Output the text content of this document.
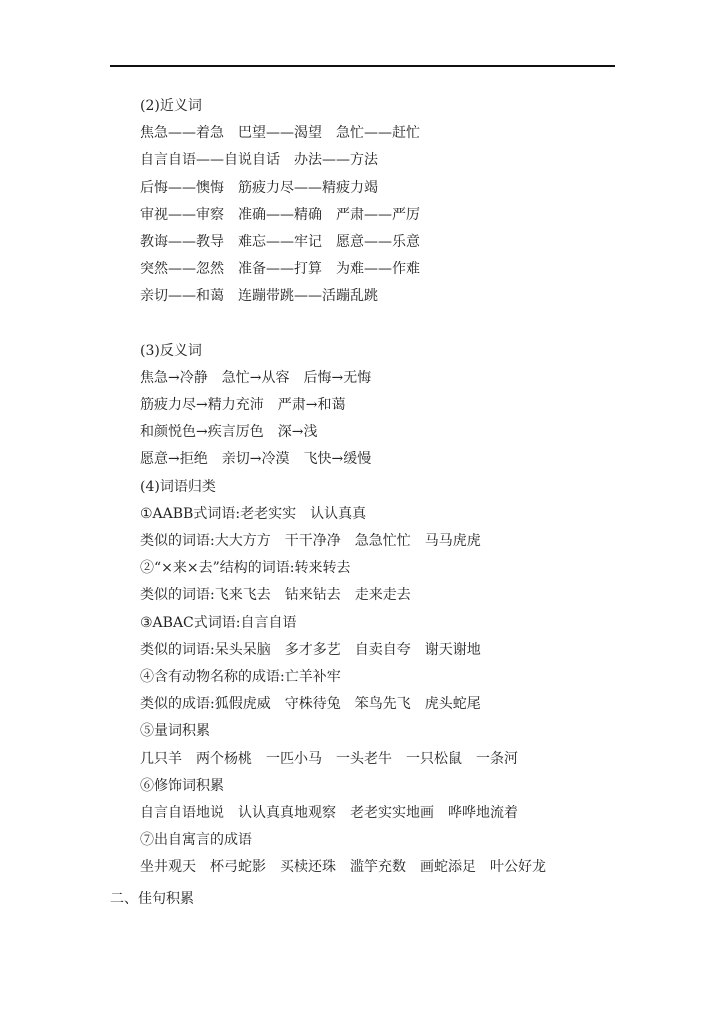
(2)近义词
焦急——着急　巴望——渴望　急忙——赶忙
自言自语——自说自话　办法——方法
后悔——懊悔　筋疲力尽——精疲力竭
审视——审察　准确——精确　严肃——严厉
教诲——教导　难忘——牢记　愿意——乐意
突然——忽然　准备——打算　为难——作难
亲切——和蔼　连蹦带跳——活蹦乱跳
(3)反义词
焦急→冷静　急忙→从容　后悔→无悔
筋疲力尽→精力充沛　严肃→和蔼
和颜悦色→疾言厉色　深→浅
愿意→拒绝　亲切→冷漠　飞快→缓慢
(4)词语归类
①AABB式词语:老老实实　认认真真
类似的词语:大大方方　干干净净　急急忙忙　马马虎虎
②“×来×去”结构的词语:转来转去
类似的词语:飞来飞去　钻来钻去　走来走去
③ABAC式词语:自言自语
类似的词语:呆头呆脑　多才多艺　自卖自夸　谢天谢地
④含有动物名称的成语:亡羊补牢
类似的成语:狐假虎威　守株待兔　笨鸟先飞　虎头蛇尾
⑤量词积累
几只羊　两个杨桃　一匹小马　一头老牛　一只松鼠　一条河
⑥修饰词积累
自言自语地说　认认真真地观察　老老实实地画　哗哗地流着
⑦出自寓言的成语
坐井观天　杯弓蛇影　买椟还珠　滥竽充数　画蛇添足　叶公好龙
二、佳句积累
